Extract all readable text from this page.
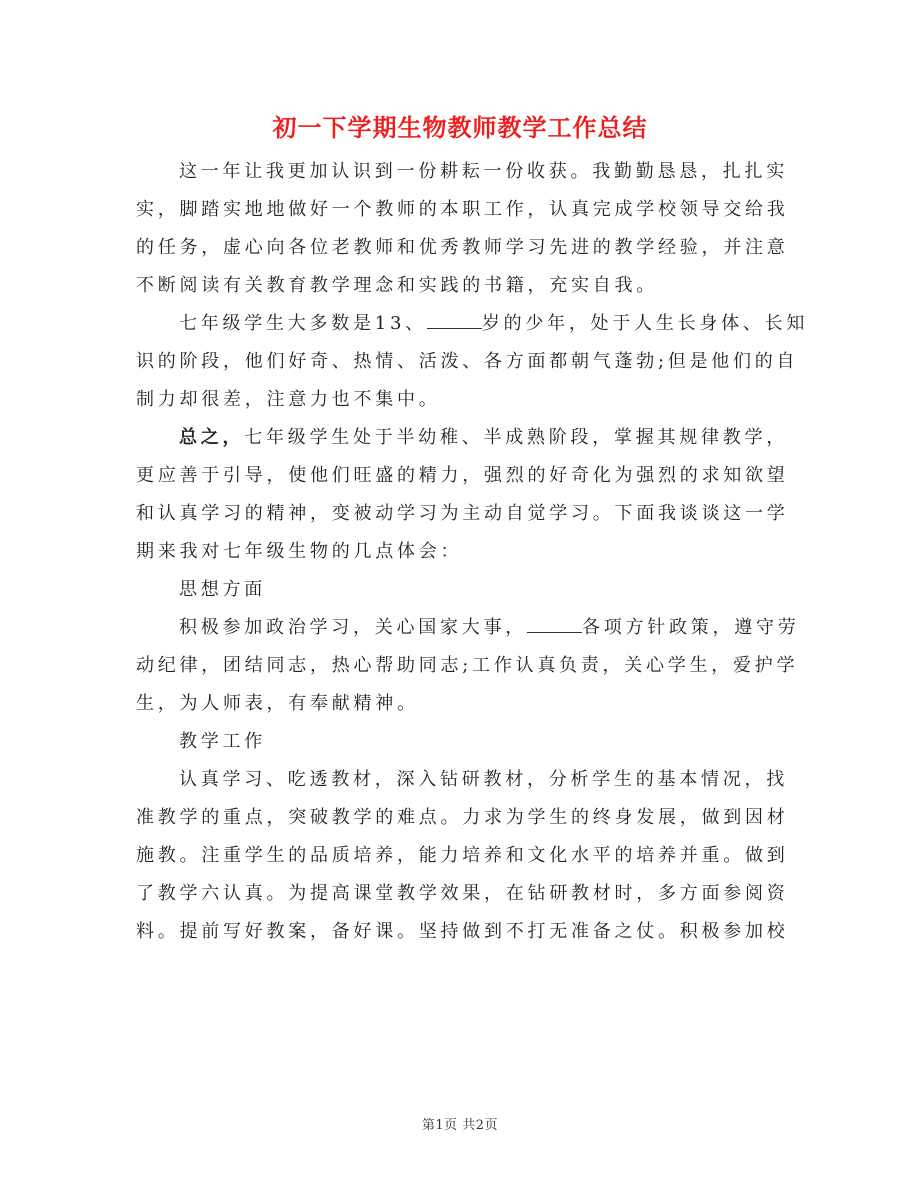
初一下学期生物教师教学工作总结
这一年让我更加认识到一份耕耘一份收获。我勤勤恳恳，扎扎实
实，脚踏实地地做好一个教师的本职工作，认真完成学校领导交给我
的任务，虚心向各位老教师和优秀教师学习先进的教学经验，并注意
不断阅读有关教育教学理念和实践的书籍，充实自我。
七年级学生大多数是13、	岁的少年，处于人生长身体、长知
识的阶段，他们好奇、热情、活泼、各方面都朝气蓬勃;但是他们的自
制力却很差，注意力也不集中。
总之，七年级学生处于半幼稚、半成熟阶段，掌握其规律教学，
更应善于引导，使他们旺盛的精力，强烈的好奇化为强烈的求知欲望
和认真学习的精神，变被动学习为主动自觉学习。下面我谈谈这一学
期来我对七年级生物的几点体会：
思想方面
积极参加政治学习，关心国家大事，	各项方针政策，遵守劳
动纪律，团结同志，热心帮助同志;工作认真负责，关心学生，爱护学
生，为人师表，有奉献精神。
教学工作
认真学习、吃透教材，深入钻研教材，分析学生的基本情况，找
准教学的重点，突破教学的难点。力求为学生的终身发展，做到因材
施教。注重学生的品质培养，能力培养和文化水平的培养并重。做到
了教学六认真。为提高课堂教学效果，在钻研教材时，多方面参阅资
料。提前写好教案，备好课。坚持做到不打无准备之仗。积极参加校
第1页 共2页
